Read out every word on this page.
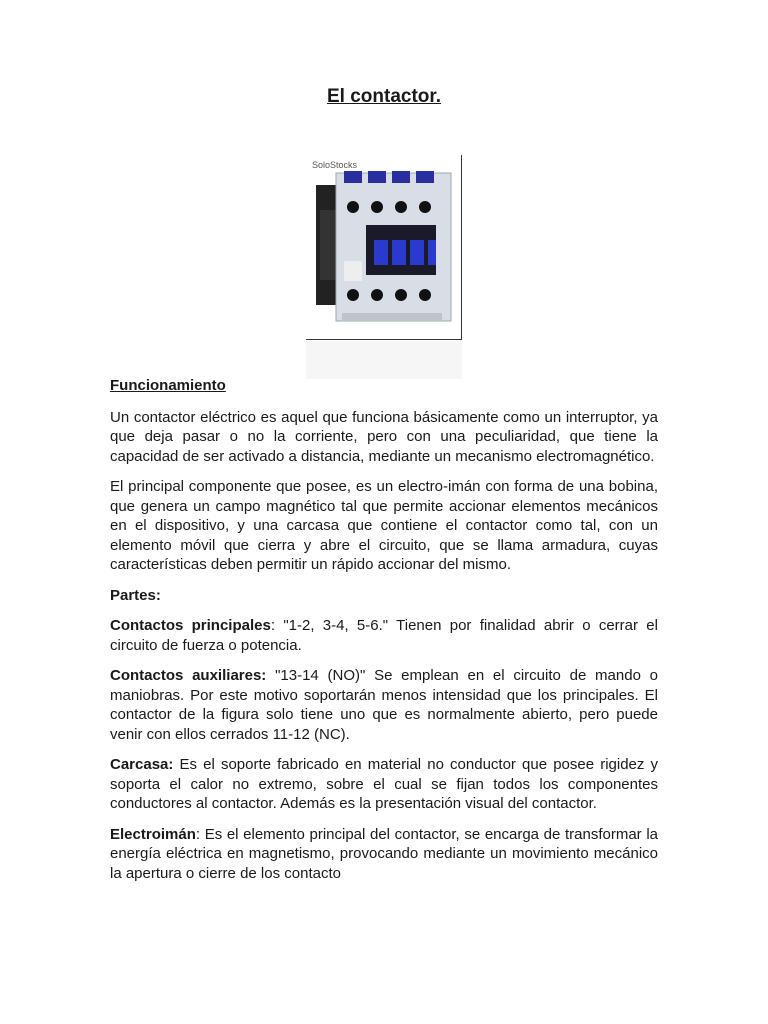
El contactor.
SoloStocks

Funcionamiento

Un contactor eléctrico es aquel que funciona básicamente como un interruptor, ya que deja pasar o no la corriente, pero con una peculiaridad, que tiene la capacidad de ser activado a distancia, mediante un mecanismo electromagnético.

El principal componente que posee, es un electro-imán con forma de una bobina, que genera un campo magnético tal que permite accionar elementos mecánicos en el dispositivo, y una carcasa que contiene el contactor como tal, con un elemento móvil que cierra y abre el circuito, que se llama armadura, cuyas características deben permitir un rápido accionar del mismo.

Partes:

Contactos principales: "1-2, 3-4, 5-6." Tienen por finalidad abrir o cerrar el circuito de fuerza o potencia.

Contactos auxiliares: "13-14 (NO)" Se emplean en el circuito de mando o maniobras. Por este motivo soportarán menos intensidad que los principales. El contactor de la figura solo tiene uno que es normalmente abierto, pero puede venir con ellos cerrados 11-12 (NC).

Carcasa: Es el soporte fabricado en material no conductor que posee rigidez y soporta el calor no extremo, sobre el cual se fijan todos los componentes conductores al contactor. Además es la presentación visual del contactor.

Electroimán: Es el elemento principal del contactor, se encarga de transformar la energía eléctrica en magnetismo, provocando mediante un movimiento mecánico la apertura o cierre de los contacto
